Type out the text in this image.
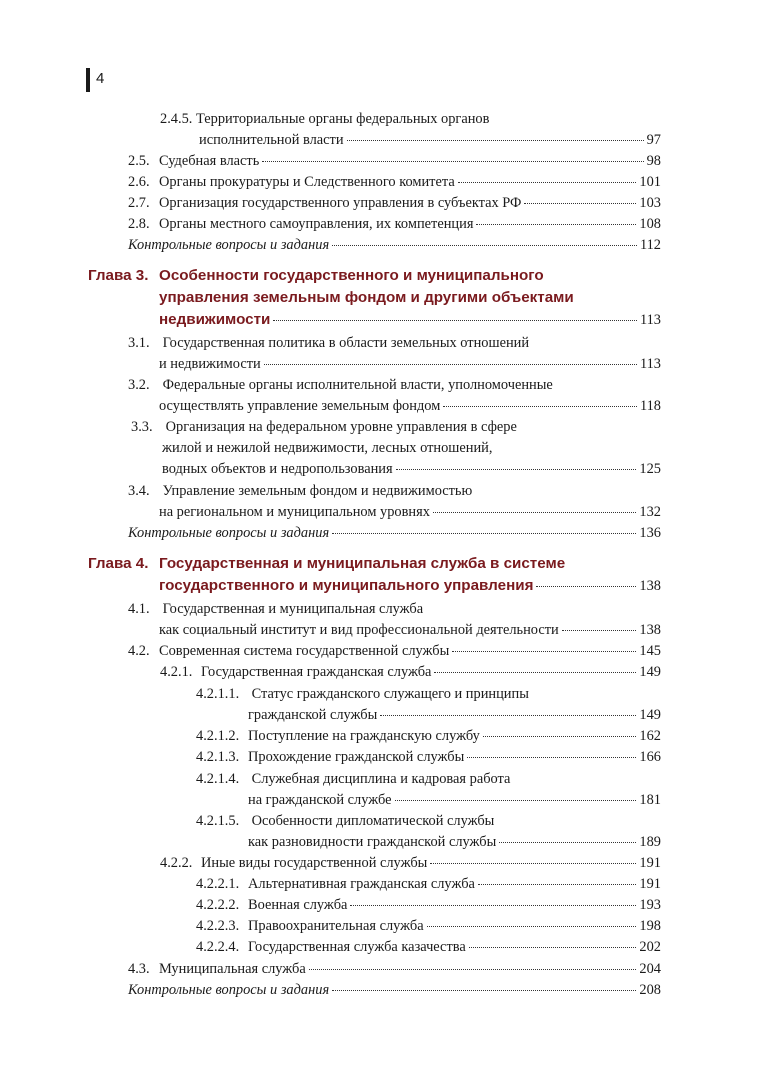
4
2.4.5. Территориальные органы федеральных органов
исполнительной власти	97
2.5. Судебная власть	98
2.6. Органы прокуратуры и Следственного комитета	101
2.7. Организация государственного управления в субъектах РФ	103
2.8. Органы местного самоуправления, их компетенция	108
Контрольные вопросы и задания	112
Глава 3. Особенности государственного и муниципального
управления земельным фондом и другими объектами
недвижимости	113
3.1. Государственная политика в области земельных отношений
и недвижимости	113
3.2. Федеральные органы исполнительной власти, уполномоченные
осуществлять управление земельным фондом	118
3.3. Организация на федеральном уровне управления в сфере
жилой и нежилой недвижимости, лесных отношений,
водных объектов и недропользования	125
3.4. Управление земельным фондом и недвижимостью
на региональном и муниципальном уровнях	132
Контрольные вопросы и задания	136
Глава 4. Государственная и муниципальная служба в системе
государственного и муниципального управления	138
4.1. Государственная и муниципальная служба
как социальный институт и вид профессиональной деятельности	138
4.2. Современная система государственной службы	145
4.2.1. Государственная гражданская служба	149
4.2.1.1. Статус гражданского служащего и принципы
гражданской службы	149
4.2.1.2. Поступление на гражданскую службу	162
4.2.1.3. Прохождение гражданской службы	166
4.2.1.4. Служебная дисциплина и кадровая работа
на гражданской службе	181
4.2.1.5. Особенности дипломатической службы
как разновидности гражданской службы	189
4.2.2. Иные виды государственной службы	191
4.2.2.1. Альтернативная гражданская служба	191
4.2.2.2. Военная служба	193
4.2.2.3. Правоохранительная служба	198
4.2.2.4. Государственная служба казачества	202
4.3. Муниципальная служба	204
Контрольные вопросы и задания	208
